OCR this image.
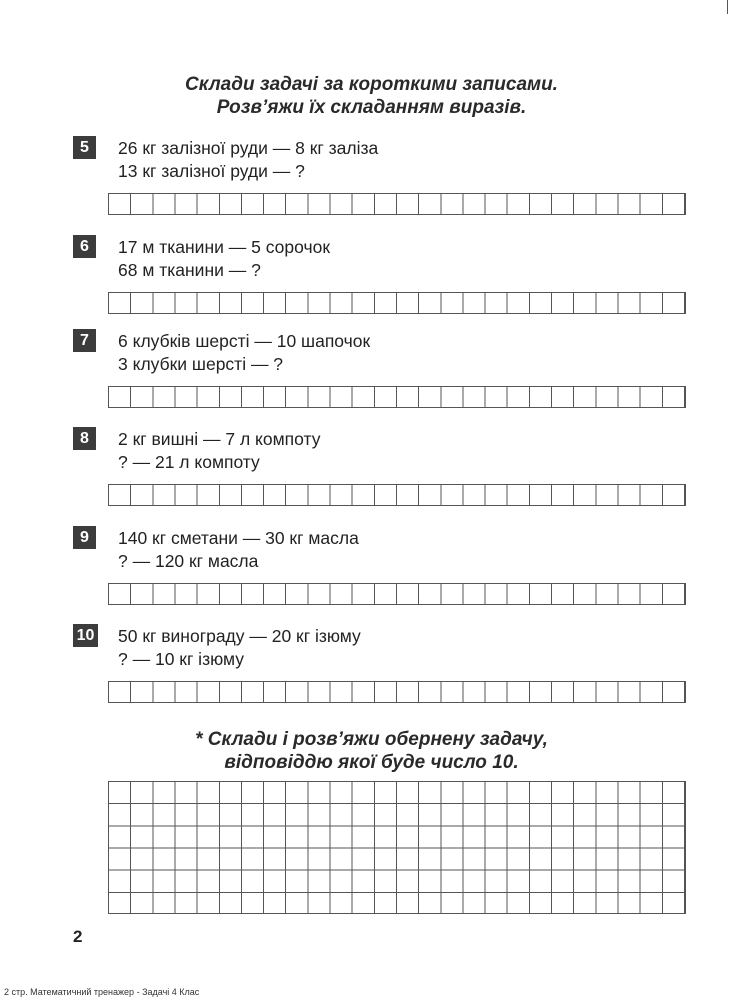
Склади задачі за короткими записами.
Розв’яжи їх складанням виразів.
5	26 кг залізної руди — 8 кг заліза
13 кг залізної руди — ?
6	17 м тканини — 5 сорочок
68 м тканини — ?
7	6 клубків шерсті — 10 шапочок
3 клубки шерсті — ?
8	2 кг вишні — 7 л компоту
? — 21 л компоту
9	140 кг сметани — 30 кг масла
? — 120 кг масла
10 50 кг винограду — 20 кг ізюму
? — 10 кг ізюму
* Склади і розв’яжи обернену задачу,
відповіддю якої буде число 10.
2
2 стр. Математичний тренажер - Задачі 4 Клас
